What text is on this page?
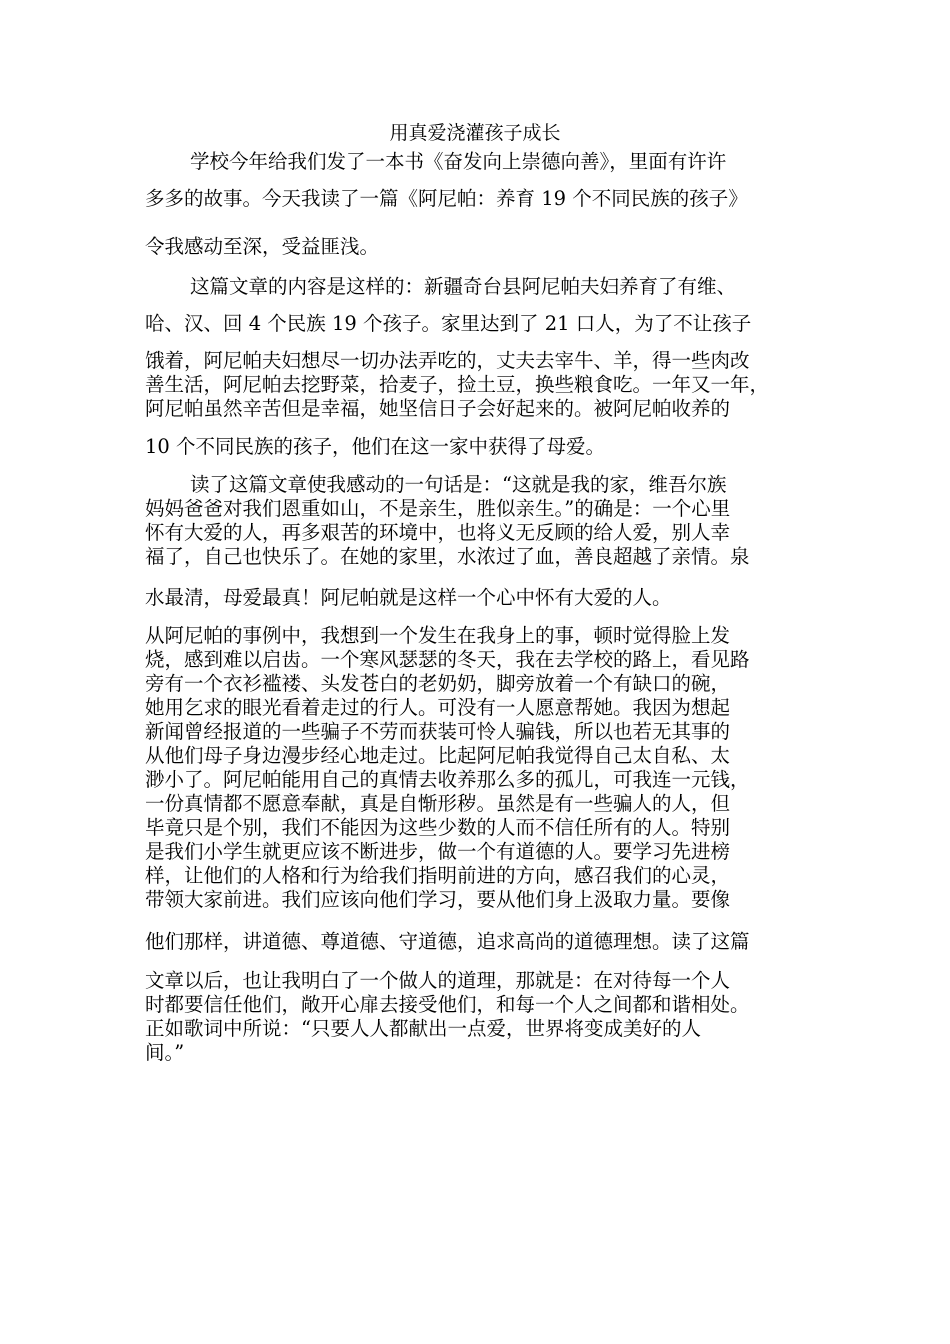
用真爱浇灌孩子成长
学校今年给我们发了一本书《奋发向上崇德向善》，里面有许许
多多的故事。今天我读了一篇《阿尼帕：养育 19 个不同民族的孩子》
令我感动至深，受益匪浅。
这篇文章的内容是这样的：新疆奇台县阿尼帕夫妇养育了有维、
哈、汉、回 4 个民族 19 个孩子。家里达到了 21 口人，为了不让孩子
饿着，阿尼帕夫妇想尽一切办法弄吃的，丈夫去宰牛、羊，得一些肉改
善生活，阿尼帕去挖野菜，拾麦子，捡土豆，换些粮食吃。一年又一年，
阿尼帕虽然辛苦但是幸福，她坚信日子会好起来的。被阿尼帕收养的
10 个不同民族的孩子，他们在这一家中获得了母爱。
读了这篇文章使我感动的一句话是：“这就是我的家，维吾尔族
妈妈爸爸对我们恩重如山，不是亲生，胜似亲生。”的确是：一个心里
怀有大爱的人，再多艰苦的环境中，也将义无反顾的给人爱，别人幸
福了，自己也快乐了。在她的家里，水浓过了血，善良超越了亲情。泉
水最清，母爱最真！阿尼帕就是这样一个心中怀有大爱的人。
从阿尼帕的事例中，我想到一个发生在我身上的事，顿时觉得脸上发
烧，感到难以启齿。一个寒风瑟瑟的冬天，我在去学校的路上，看见路
旁有一个衣衫褴褛、头发苍白的老奶奶，脚旁放着一个有缺口的碗，
她用乞求的眼光看着走过的行人。可没有一人愿意帮她。我因为想起
新闻曾经报道的一些骗子不劳而获装可怜人骗钱，所以也若无其事的
从他们母子身边漫步经心地走过。比起阿尼帕我觉得自己太自私、太
渺小了。阿尼帕能用自己的真情去收养那么多的孤儿，可我连一元钱，
一份真情都不愿意奉献，真是自惭形秽。虽然是有一些骗人的人，但
毕竟只是个别，我们不能因为这些少数的人而不信任所有的人。特别
是我们小学生就更应该不断进步，做一个有道德的人。要学习先进榜
样，让他们的人格和行为给我们指明前进的方向，感召我们的心灵，
带领大家前进。我们应该向他们学习，要从他们身上汲取力量。要像
他们那样，讲道德、尊道德、守道德，追求高尚的道德理想。读了这篇
文章以后，也让我明白了一个做人的道理，那就是：在对待每一个人
时都要信任他们，敞开心扉去接受他们，和每一个人之间都和谐相处。
正如歌词中所说：“只要人人都献出一点爱，世界将变成美好的人
间。”
